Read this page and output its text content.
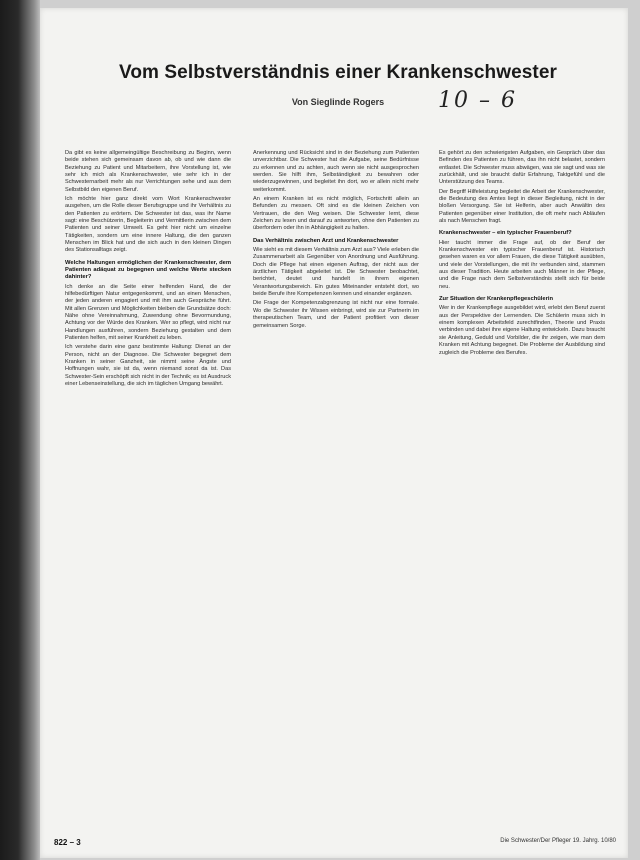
Vom Selbstverständnis einer Krankenschwester
Von Sieglinde Rogers	10 – 6

Da gibt es keine allgemeingültige Beschreibung zu Beginn, wenn beide stehen sich gemeinsam davon ab, ob und wie dann die Beziehung zu Patient und Mitarbeitern, ihre Vorstellung ist, wie sehr ich mich als Krankenschwester, wie sehr ich in der Schwesternarbeit mehr als nur Verrichtungen sehe und aus dem Selbstbild den eigenen Beruf.

Ich möchte hier ganz direkt vom Wort Krankenschwester ausgehen, um die Rolle dieser Berufsgruppe und ihr Verhältnis zu den Patienten zu erörtern. Die Schwester ist das, was ihr Name sagt: eine Beschützerin, Begleiterin und Vermittlerin zwischen dem Patienten und seiner Umwelt. Es geht hier nicht um einzelne Tätigkeiten, sondern um eine innere Haltung, die den ganzen Menschen im Blick hat und die sich auch in den kleinen Dingen des Stationsalltags zeigt.

Welche Haltungen ermöglichen der Krankenschwester, dem Patienten adäquat zu begegnen und welche Werte stecken dahinter?

Ich denke an die Seite einer helfenden Hand, die der hilfebedürftigen Natur entgegenkommt, und an einen Menschen, der jeden anderen engagiert und mit ihm auch Gespräche führt. Mit allen Grenzen und Möglichkeiten bleiben die Grundsätze doch: Nähe ohne Vereinnahmung, Zuwendung ohne Bevormundung, Achtung vor der Würde des Kranken. Wer so pflegt, wird nicht nur Handlungen ausführen, sondern Beziehung gestalten und dem Patienten helfen, mit seiner Krankheit zu leben.

Ich verstehe darin eine ganz bestimmte Haltung: Dienst an der Person, nicht an der Diagnose. Die Schwester begegnet dem Kranken in seiner Ganzheit, sie nimmt seine Ängste und Hoffnungen wahr, sie ist da, wenn niemand sonst da ist. Das Schwester-Sein erschöpft sich nicht in der Technik; es ist Ausdruck einer Lebenseinstellung, die sich im täglichen Umgang bewährt.

Anerkennung und Rücksicht sind in der Beziehung zum Patienten unverzichtbar. Die Schwester hat die Aufgabe, seine Bedürfnisse zu erkennen und zu achten, auch wenn sie nicht ausgesprochen werden. Sie hilft ihm, Selbständigkeit zu bewahren oder wiederzugewinnen, und begleitet ihn dort, wo er allein nicht mehr weiterkommt.

An einem Kranken ist es nicht möglich, Fortschritt allein an Befunden zu messen. Oft sind es die kleinen Zeichen von Vertrauen, die den Weg weisen. Die Schwester lernt, diese Zeichen zu lesen und darauf zu antworten, ohne den Patienten zu überfordern oder ihn in Abhängigkeit zu halten.

Das Verhältnis zwischen Arzt und Krankenschwester

Wie sieht es mit diesem Verhältnis zum Arzt aus? Viele erleben die Zusammenarbeit als Gegenüber von Anordnung und Ausführung. Doch die Pflege hat einen eigenen Auftrag, der nicht aus der ärztlichen Tätigkeit abgeleitet ist. Die Schwester beobachtet, berichtet, deutet und handelt in ihrem eigenen Verantwortungsbereich. Ein gutes Miteinander entsteht dort, wo beide Berufe ihre Kompetenzen kennen und einander ergänzen.

Die Frage der Kompetenzabgrenzung ist nicht nur eine formale. Wo die Schwester ihr Wissen einbringt, wird sie zur Partnerin im therapeutischen Team, und der Patient profitiert von dieser gemeinsamen Sorge.

Es gehört zu den schwierigsten Aufgaben, ein Gespräch über das Befinden des Patienten zu führen, das ihn nicht belastet, sondern entlastet. Die Schwester muss abwägen, was sie sagt und was sie zurückhält, und sie braucht dafür Erfahrung, Taktgefühl und die Unterstützung des Teams.

Der Begriff Hilfeleistung begleitet die Arbeit der Krankenschwester, die Bedeutung des Amtes liegt in dieser Begleitung, nicht in der bloßen Versorgung. Sie ist Helferin, aber auch Anwältin des Patienten gegenüber einer Institution, die oft mehr nach Abläufen als nach Menschen fragt.

Krankenschwester – ein typischer Frauenberuf?

Hier taucht immer die Frage auf, ob der Beruf der Krankenschwester ein typischer Frauenberuf ist. Historisch gesehen waren es vor allem Frauen, die diese Tätigkeit ausübten, und viele der Vorstellungen, die mit ihr verbunden sind, stammen aus dieser Tradition. Heute arbeiten auch Männer in der Pflege, und die Frage nach dem Selbstverständnis stellt sich für beide neu.

Zur Situation der Krankenpflegeschülerin

Wer in der Krankenpflege ausgebildet wird, erlebt den Beruf zuerst aus der Perspektive der Lernenden. Die Schülerin muss sich in einem komplexen Arbeitsfeld zurechtfinden, Theorie und Praxis verbinden und dabei ihre eigene Haltung entwickeln. Dazu braucht sie Anleitung, Geduld und Vorbilder, die ihr zeigen, wie man dem Kranken mit Achtung begegnet. Die Probleme der Ausbildung sind zugleich die Probleme des Berufes.

822 – 3	Die Schwester/Der Pfleger 19. Jahrg. 10/80
